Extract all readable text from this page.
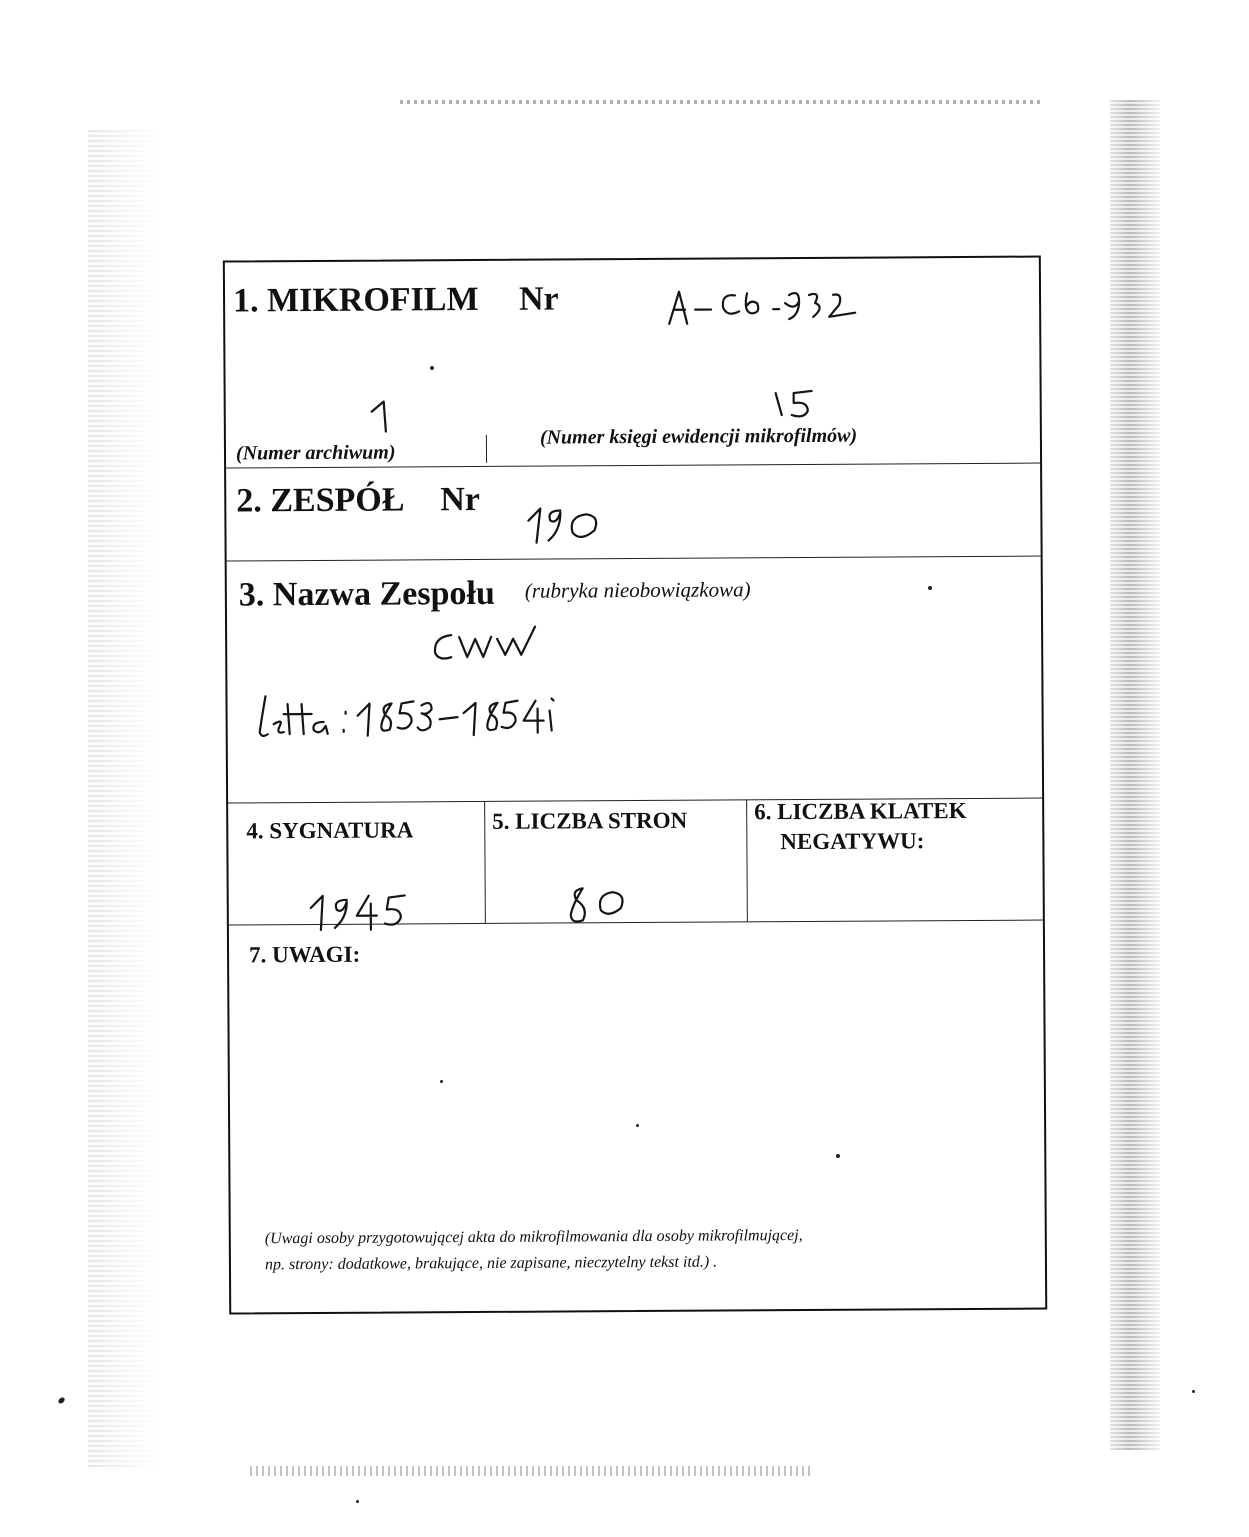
1. MIKROFILM Nr
(Numer archiwum)
(Numer księgi ewidencji mikrofilmów)
2. ZESPÓŁ Nr
3. Nazwa Zespołu (rubryka nieobowiązkowa)
4. SYGNATURA	5. LICZBA STRON	6. LICZBA KLATEK
NEGATYWU:
7. UWAGI:
(Uwagi osoby przygotowującej akta do mikrofilmowania dla osoby mikrofilmującej,
np. strony: dodatkowe, brakujące, nie zapisane, nieczytelny tekst itd.) .
